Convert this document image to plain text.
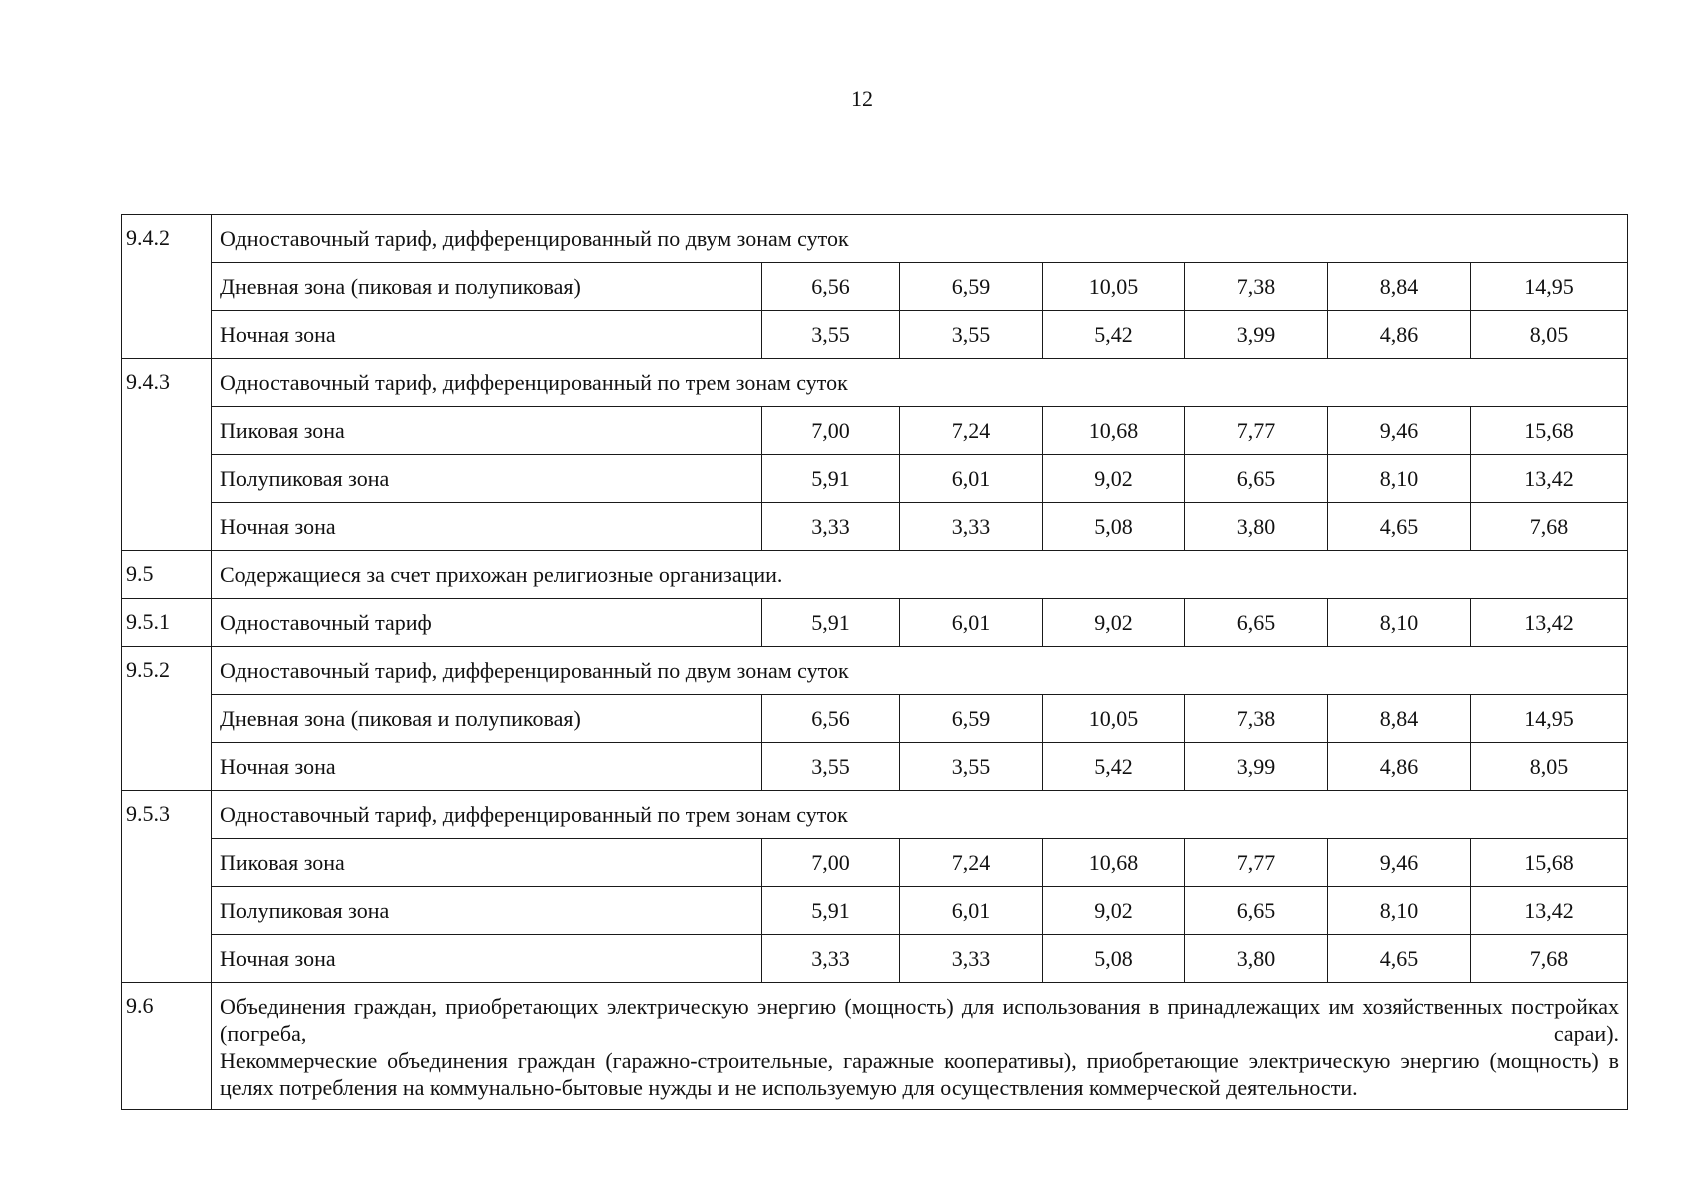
12
9.4.2	Одноставочный тариф, дифференцированный по двум зонам суток						
	Дневная зона (пиковая и полупиковая)	6,56	6,59	10,05	7,38	8,84	14,95
	Ночная зона	3,55	3,55	5,42	3,99	4,86	8,05
9.4.3	Одноставочный тариф, дифференцированный по трем зонам суток						
	Пиковая зона	7,00	7,24	10,68	7,77	9,46	15,68
	Полупиковая зона	5,91	6,01	9,02	6,65	8,10	13,42
	Ночная зона	3,33	3,33	5,08	3,80	4,65	7,68
9.5	Содержащиеся за счет прихожан религиозные организации.						
9.5.1	Одноставочный тариф	5,91	6,01	9,02	6,65	8,10	13,42
9.5.2	Одноставочный тариф, дифференцированный по двум зонам суток						
	Дневная зона (пиковая и полупиковая)	6,56	6,59	10,05	7,38	8,84	14,95
	Ночная зона	3,55	3,55	5,42	3,99	4,86	8,05
9.5.3	Одноставочный тариф, дифференцированный по трем зонам суток						
	Пиковая зона	7,00	7,24	10,68	7,77	9,46	15,68
	Полупиковая зона	5,91	6,01	9,02	6,65	8,10	13,42
	Ночная зона	3,33	3,33	5,08	3,80	4,65	7,68
9.6	Объединения граждан, приобретающих электрическую энергию (мощность) для использования в принадлежащих им хозяйственных постройках (погреба, сараи).

Некоммерческие объединения граждан (гаражно-строительные, гаражные кооперативы), приобретающие электрическую энергию (мощность) в целях потребления на коммунально-бытовые нужды и не используемую для осуществления коммерческой деятельности.						
